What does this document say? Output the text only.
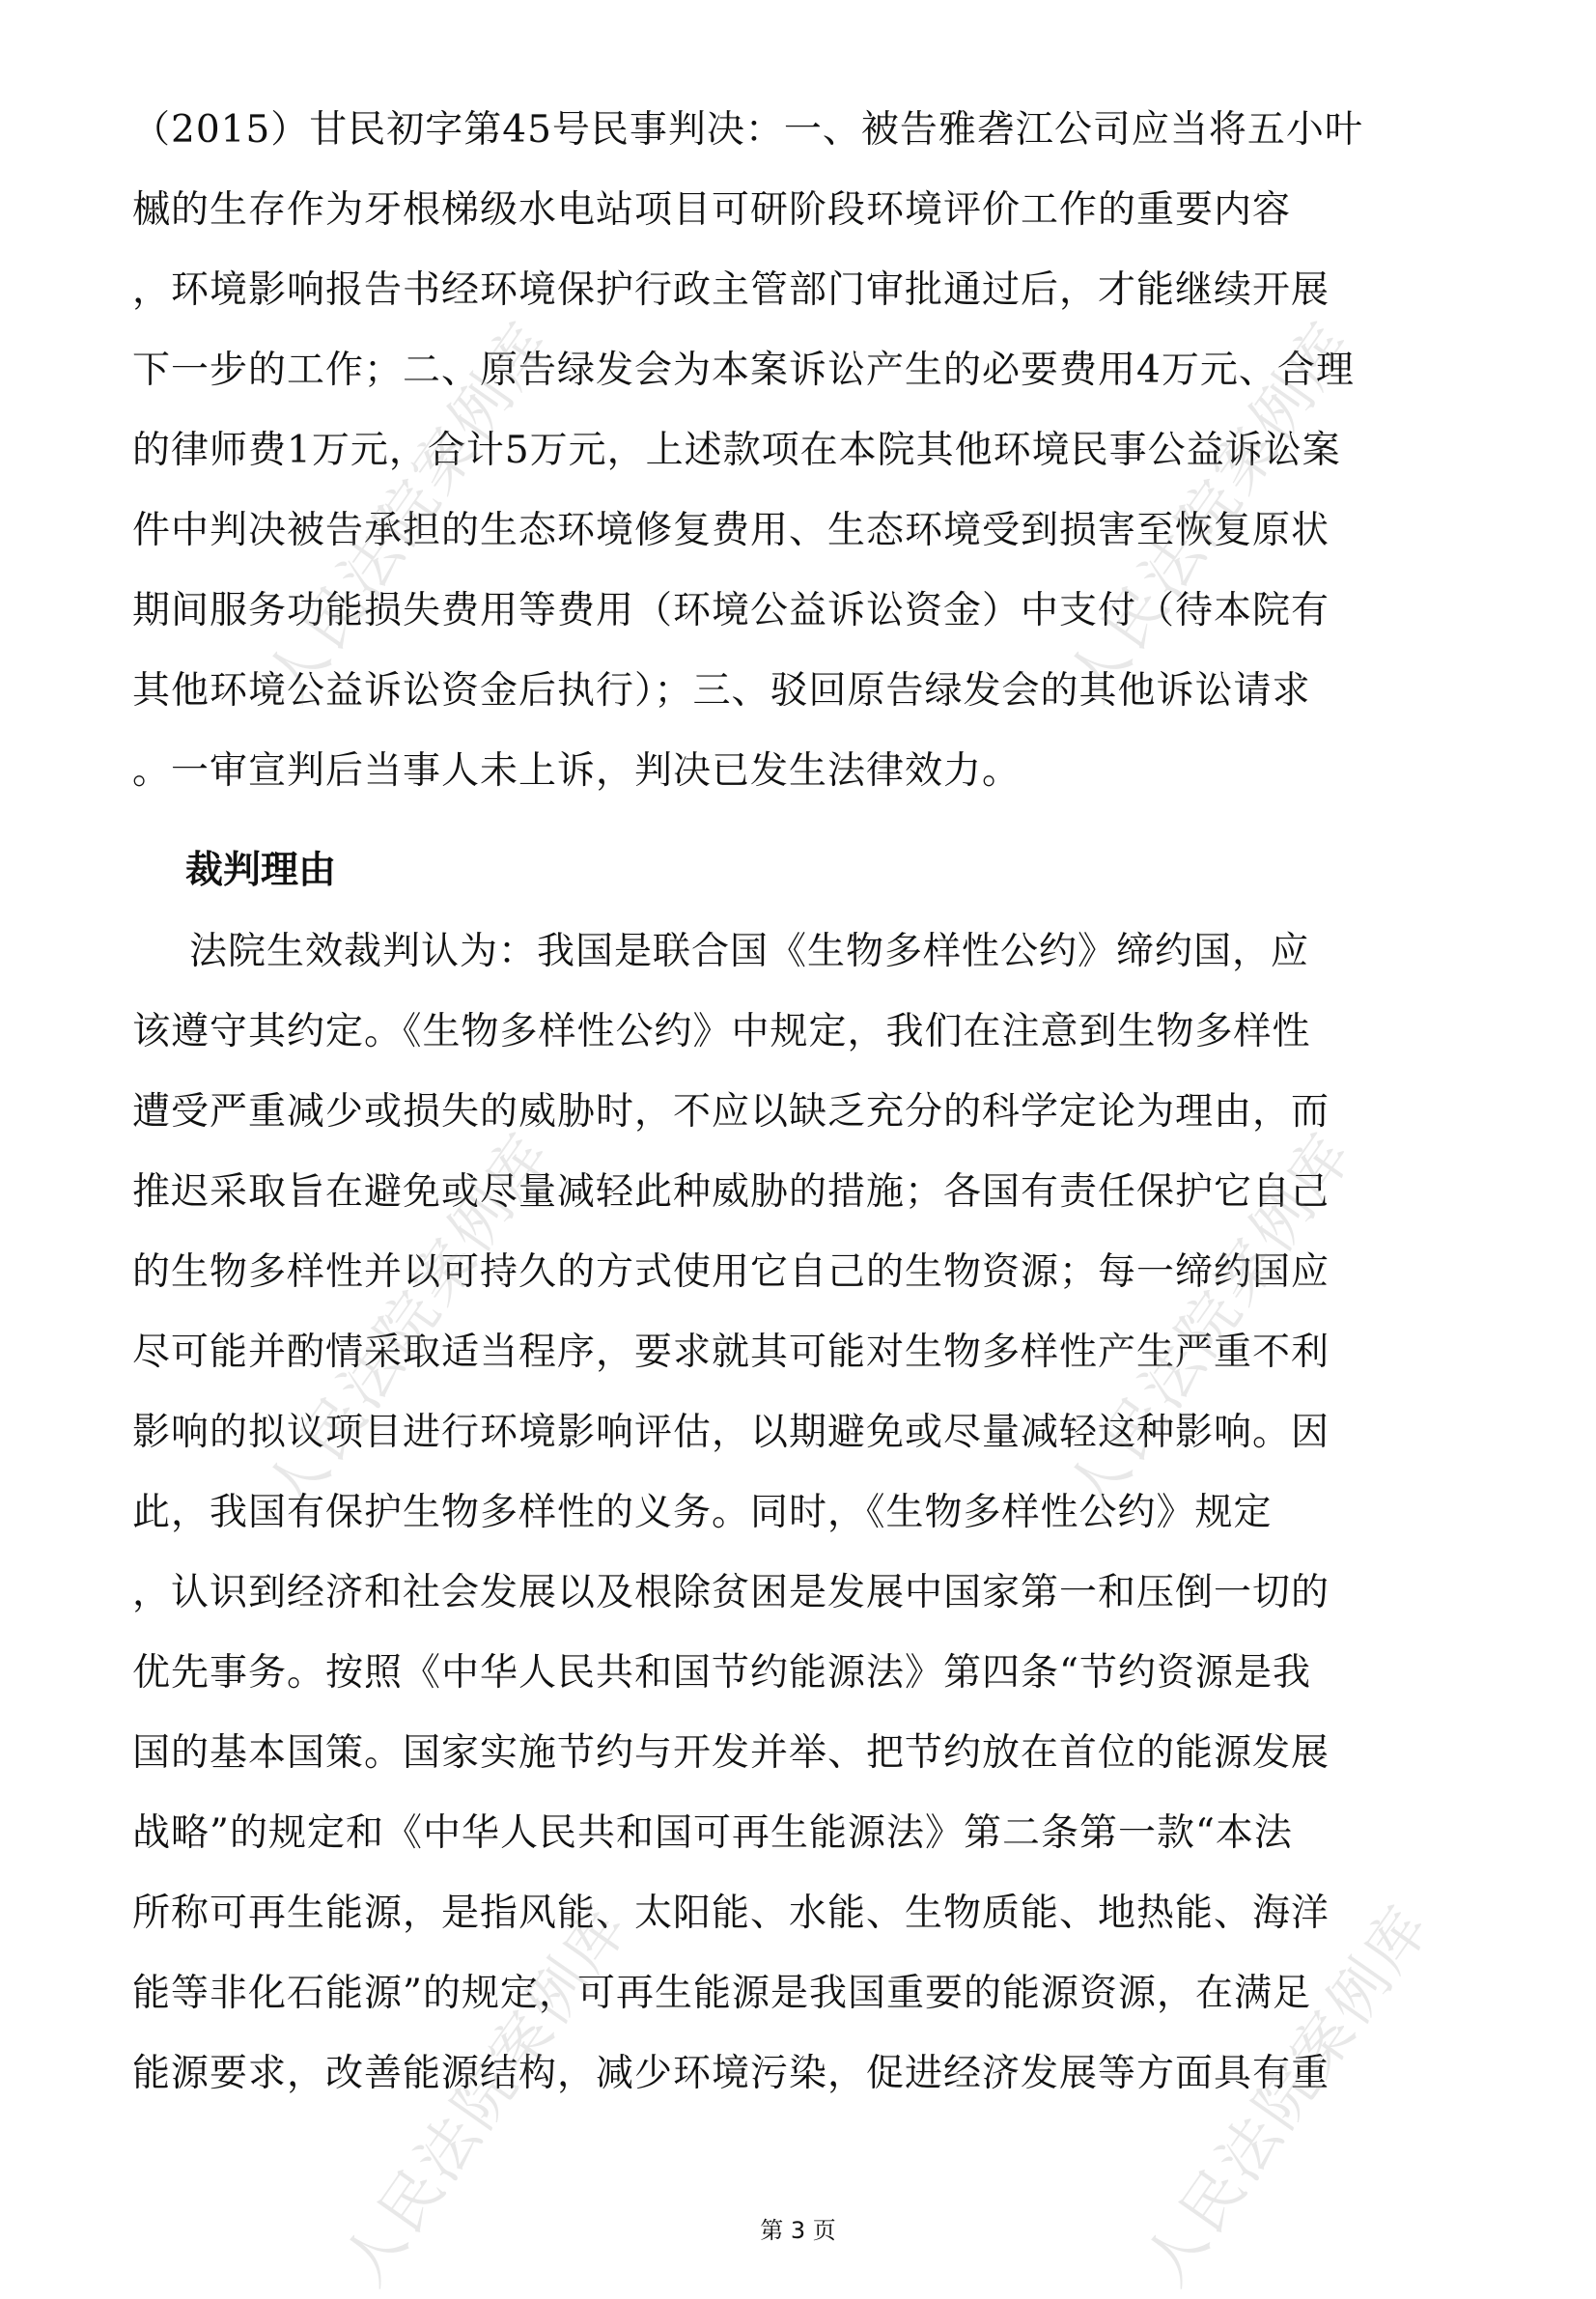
（2015）甘民初字第45号民事判决：一、被告雅砻江公司应当将五小叶
槭的生存作为牙根梯级水电站项目可研阶段环境评价工作的重要内容
，环境影响报告书经环境保护行政主管部门审批通过后，才能继续开展
下一步的工作；二、原告绿发会为本案诉讼产生的必要费用4万元、合理
的律师费1万元，合计5万元，上述款项在本院其他环境民事公益诉讼案
件中判决被告承担的生态环境修复费用、生态环境受到损害至恢复原状
期间服务功能损失费用等费用（环境公益诉讼资金）中支付（待本院有
其他环境公益诉讼资金后执行）；三、驳回原告绿发会的其他诉讼请求
。一审宣判后当事人未上诉，判决已发生法律效力。
裁判理由
法院生效裁判认为：我国是联合国《生物多样性公约》缔约国，应
该遵守其约定。《生物多样性公约》中规定，我们在注意到生物多样性
遭受严重减少或损失的威胁时，不应以缺乏充分的科学定论为理由，而
推迟采取旨在避免或尽量减轻此种威胁的措施；各国有责任保护它自己
的生物多样性并以可持久的方式使用它自己的生物资源；每一缔约国应
尽可能并酌情采取适当程序，要求就其可能对生物多样性产生严重不利
影响的拟议项目进行环境影响评估，以期避免或尽量减轻这种影响。因
此，我国有保护生物多样性的义务。同时，《生物多样性公约》规定
，认识到经济和社会发展以及根除贫困是发展中国家第一和压倒一切的
优先事务。按照《中华人民共和国节约能源法》第四条“节约资源是我
国的基本国策。国家实施节约与开发并举、把节约放在首位的能源发展
战略”的规定和《中华人民共和国可再生能源法》第二条第一款“本法
所称可再生能源，是指风能、太阳能、水能、生物质能、地热能、海洋
能等非化石能源”的规定，可再生能源是我国重要的能源资源，在满足
能源要求，改善能源结构，减少环境污染，促进经济发展等方面具有重
第 3 页
人民法院案例库	人民法院案例库
人民法院案例库	人民法院案例库
人民法院案例库	人民法院案例库
